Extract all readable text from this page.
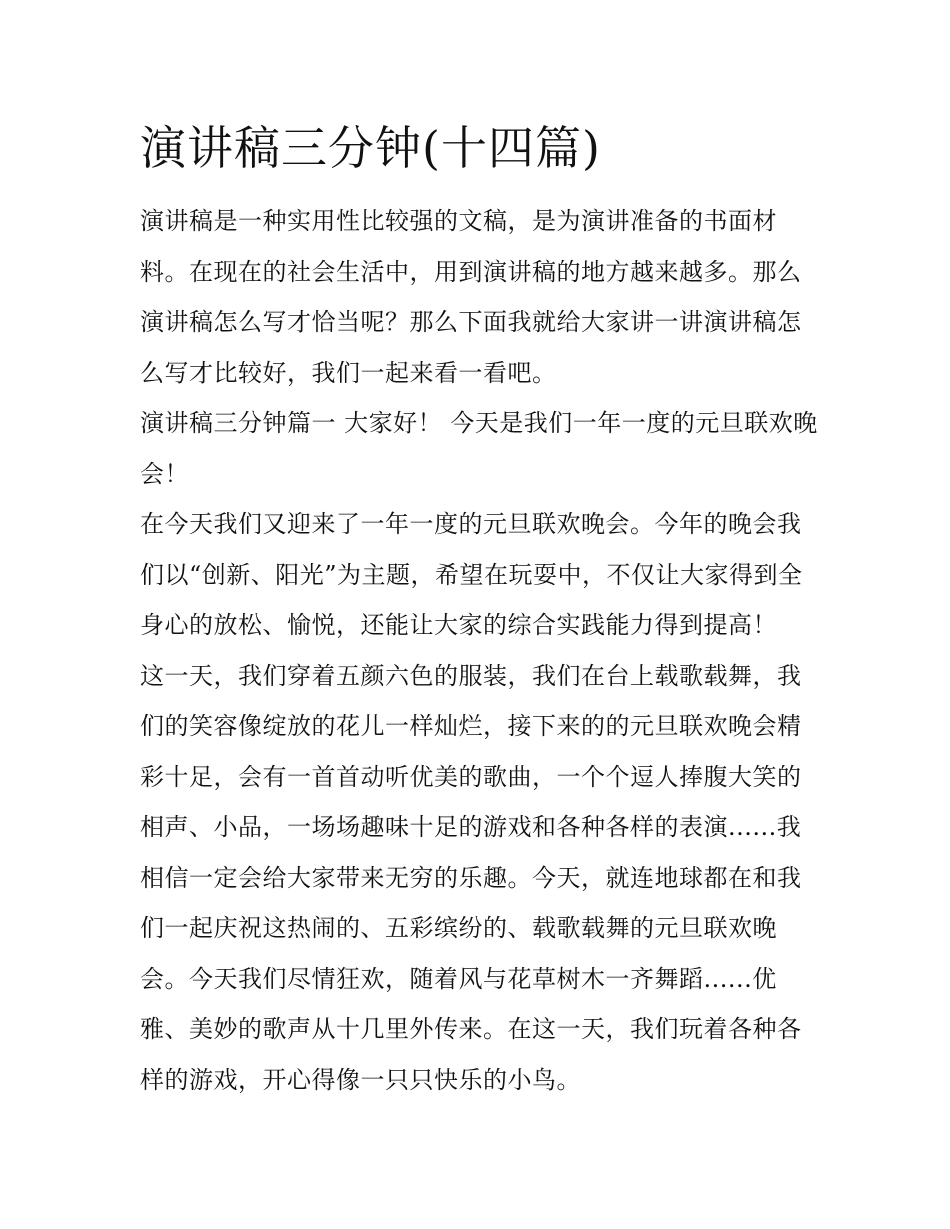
演讲稿三分钟(十四篇)

演讲稿是一种实用性比较强的文稿，是为演讲准备的书面材料。在现在的社会生活中，用到演讲稿的地方越来越多。那么演讲稿怎么写才恰当呢？那么下面我就给大家讲一讲演讲稿怎么写才比较好，我们一起来看一看吧。

演讲稿三分钟篇一 大家好！ 今天是我们一年一度的元旦联欢晚会！

在今天我们又迎来了一年一度的元旦联欢晚会。今年的晚会我们以“创新、阳光”为主题，希望在玩耍中，不仅让大家得到全身心的放松、愉悦，还能让大家的综合实践能力得到提高！

这一天，我们穿着五颜六色的服装，我们在台上载歌载舞，我们的笑容像绽放的花儿一样灿烂，接下来的的元旦联欢晚会精彩十足，会有一首首动听优美的歌曲，一个个逗人捧腹大笑的相声、小品，一场场趣味十足的游戏和各种各样的表演......我相信一定会给大家带来无穷的乐趣。今天，就连地球都在和我们一起庆祝这热闹的、五彩缤纷的、载歌载舞的元旦联欢晚会。今天我们尽情狂欢，随着风与花草树木一齐舞蹈......优雅、美妙的歌声从十几里外传来。在这一天，我们玩着各种各样的游戏，开心得像一只只快乐的小鸟。
